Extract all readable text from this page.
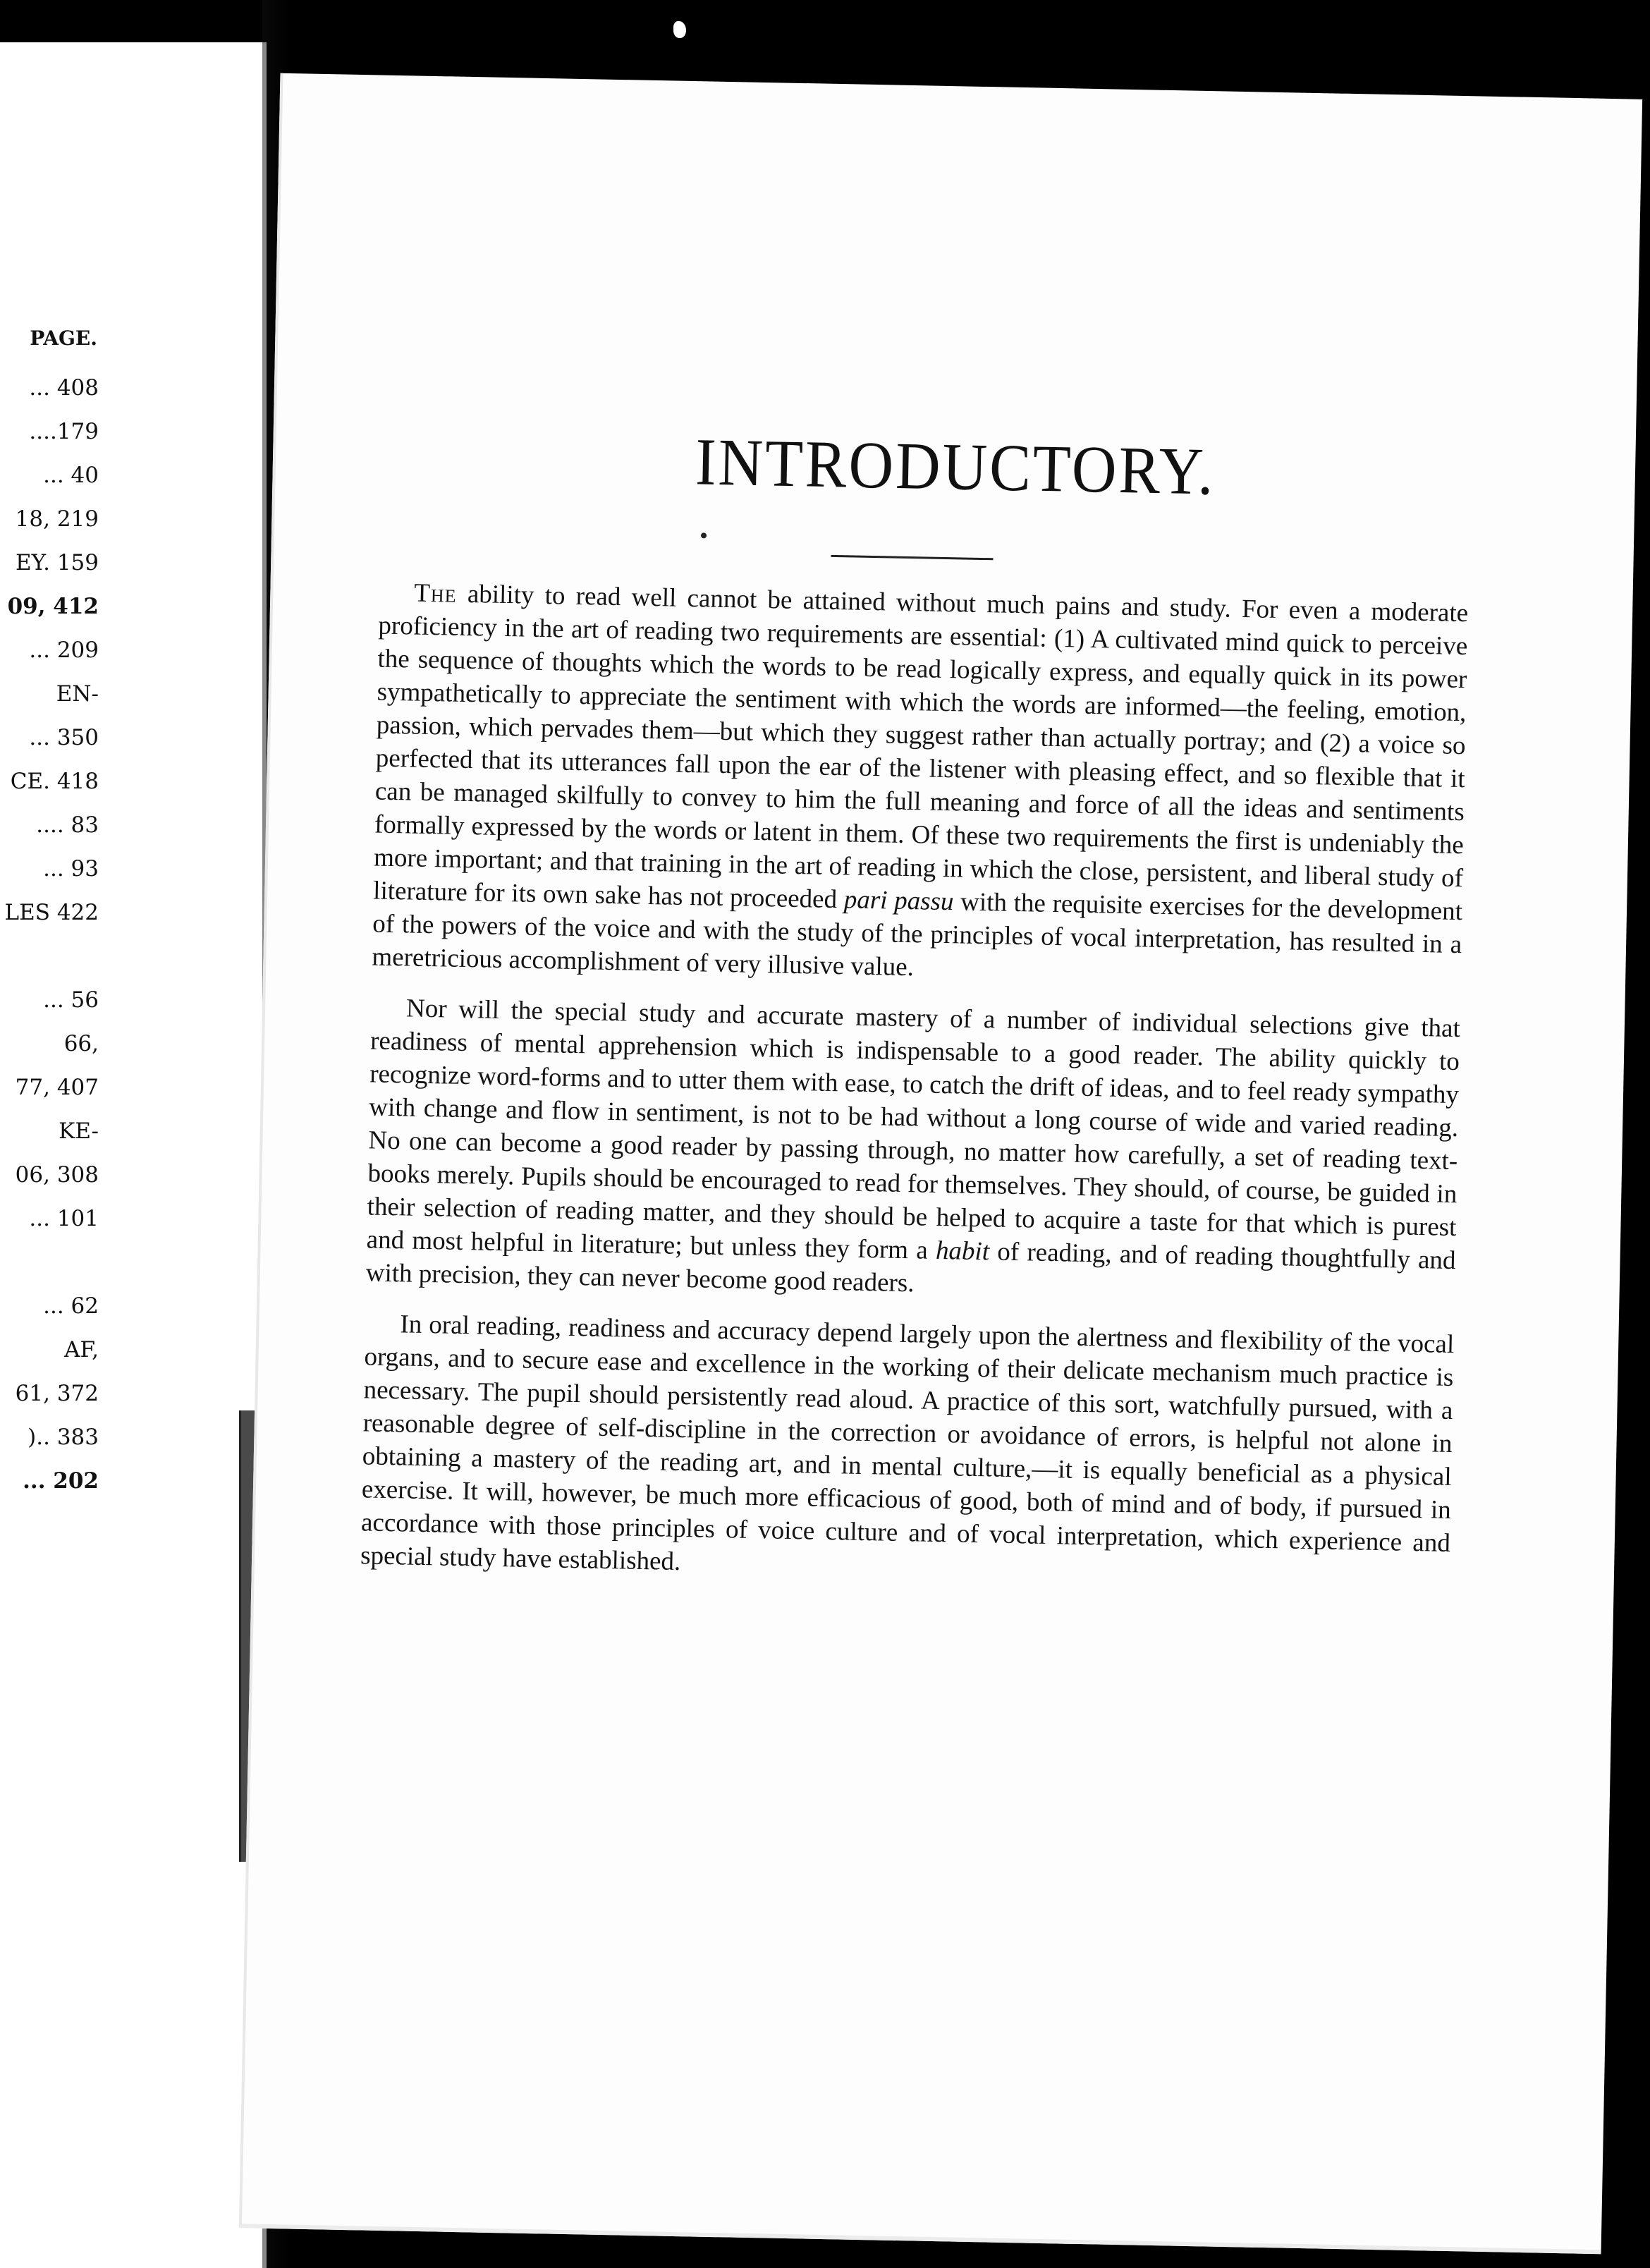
PAGE.
... 408
....179
... 40
18, 219
EY. 159
09, 412
... 209
EN-
... 350
CE. 418
.... 83
... 93
LES 422
... 56
66,
77, 407
KE-
06, 308
... 101
... 62
AF,
61, 372
).. 383
... 202
INTRODUCTORY.

The ability to read well cannot be attained without much pains and study. For even a moderate proficiency in the art of reading two requirements are essential: (1) A cultivated mind quick to perceive the sequence of thoughts which the words to be read logically express, and equally quick in its power sympathetically to appreciate the sentiment with which the words are informed—the feeling, emotion, passion, which pervades them—but which they suggest rather than actually portray; and (2) a voice so perfected that its utterances fall upon the ear of the listener with pleasing effect, and so flexible that it can be managed skilfully to convey to him the full meaning and force of all the ideas and sentiments formally expressed by the words or latent in them. Of these two requirements the first is undeniably the more important; and that training in the art of reading in which the close, persistent, and liberal study of literature for its own sake has not proceeded pari passu with the requisite exercises for the development of the powers of the voice and with the study of the principles of vocal interpretation, has resulted in a meretricious accomplishment of very illusive value.

Nor will the special study and accurate mastery of a number of individual selections give that readiness of mental apprehension which is indispensable to a good reader. The ability quickly to recognize word-forms and to utter them with ease, to catch the drift of ideas, and to feel ready sympathy with change and flow in sentiment, is not to be had without a long course of wide and varied reading. No one can become a good reader by passing through, no matter how carefully, a set of reading text-books merely. Pupils should be encouraged to read for themselves. They should, of course, be guided in their selection of reading matter, and they should be helped to acquire a taste for that which is purest and most helpful in literature; but unless they form a habit of reading, and of reading thoughtfully and with precision, they can never become good readers.

In oral reading, readiness and accuracy depend largely upon the alertness and flexibility of the vocal organs, and to secure ease and excellence in the working of their delicate mechanism much practice is necessary. The pupil should persistently read aloud. A practice of this sort, watchfully pursued, with a reasonable degree of self-discipline in the correction or avoidance of errors, is helpful not alone in obtaining a mastery of the reading art, and in mental culture,—it is equally beneficial as a physical exercise. It will, however, be much more efficacious of good, both of mind and of body, if pursued in accordance with those principles of voice culture and of vocal interpretation, which experience and special study have established.
